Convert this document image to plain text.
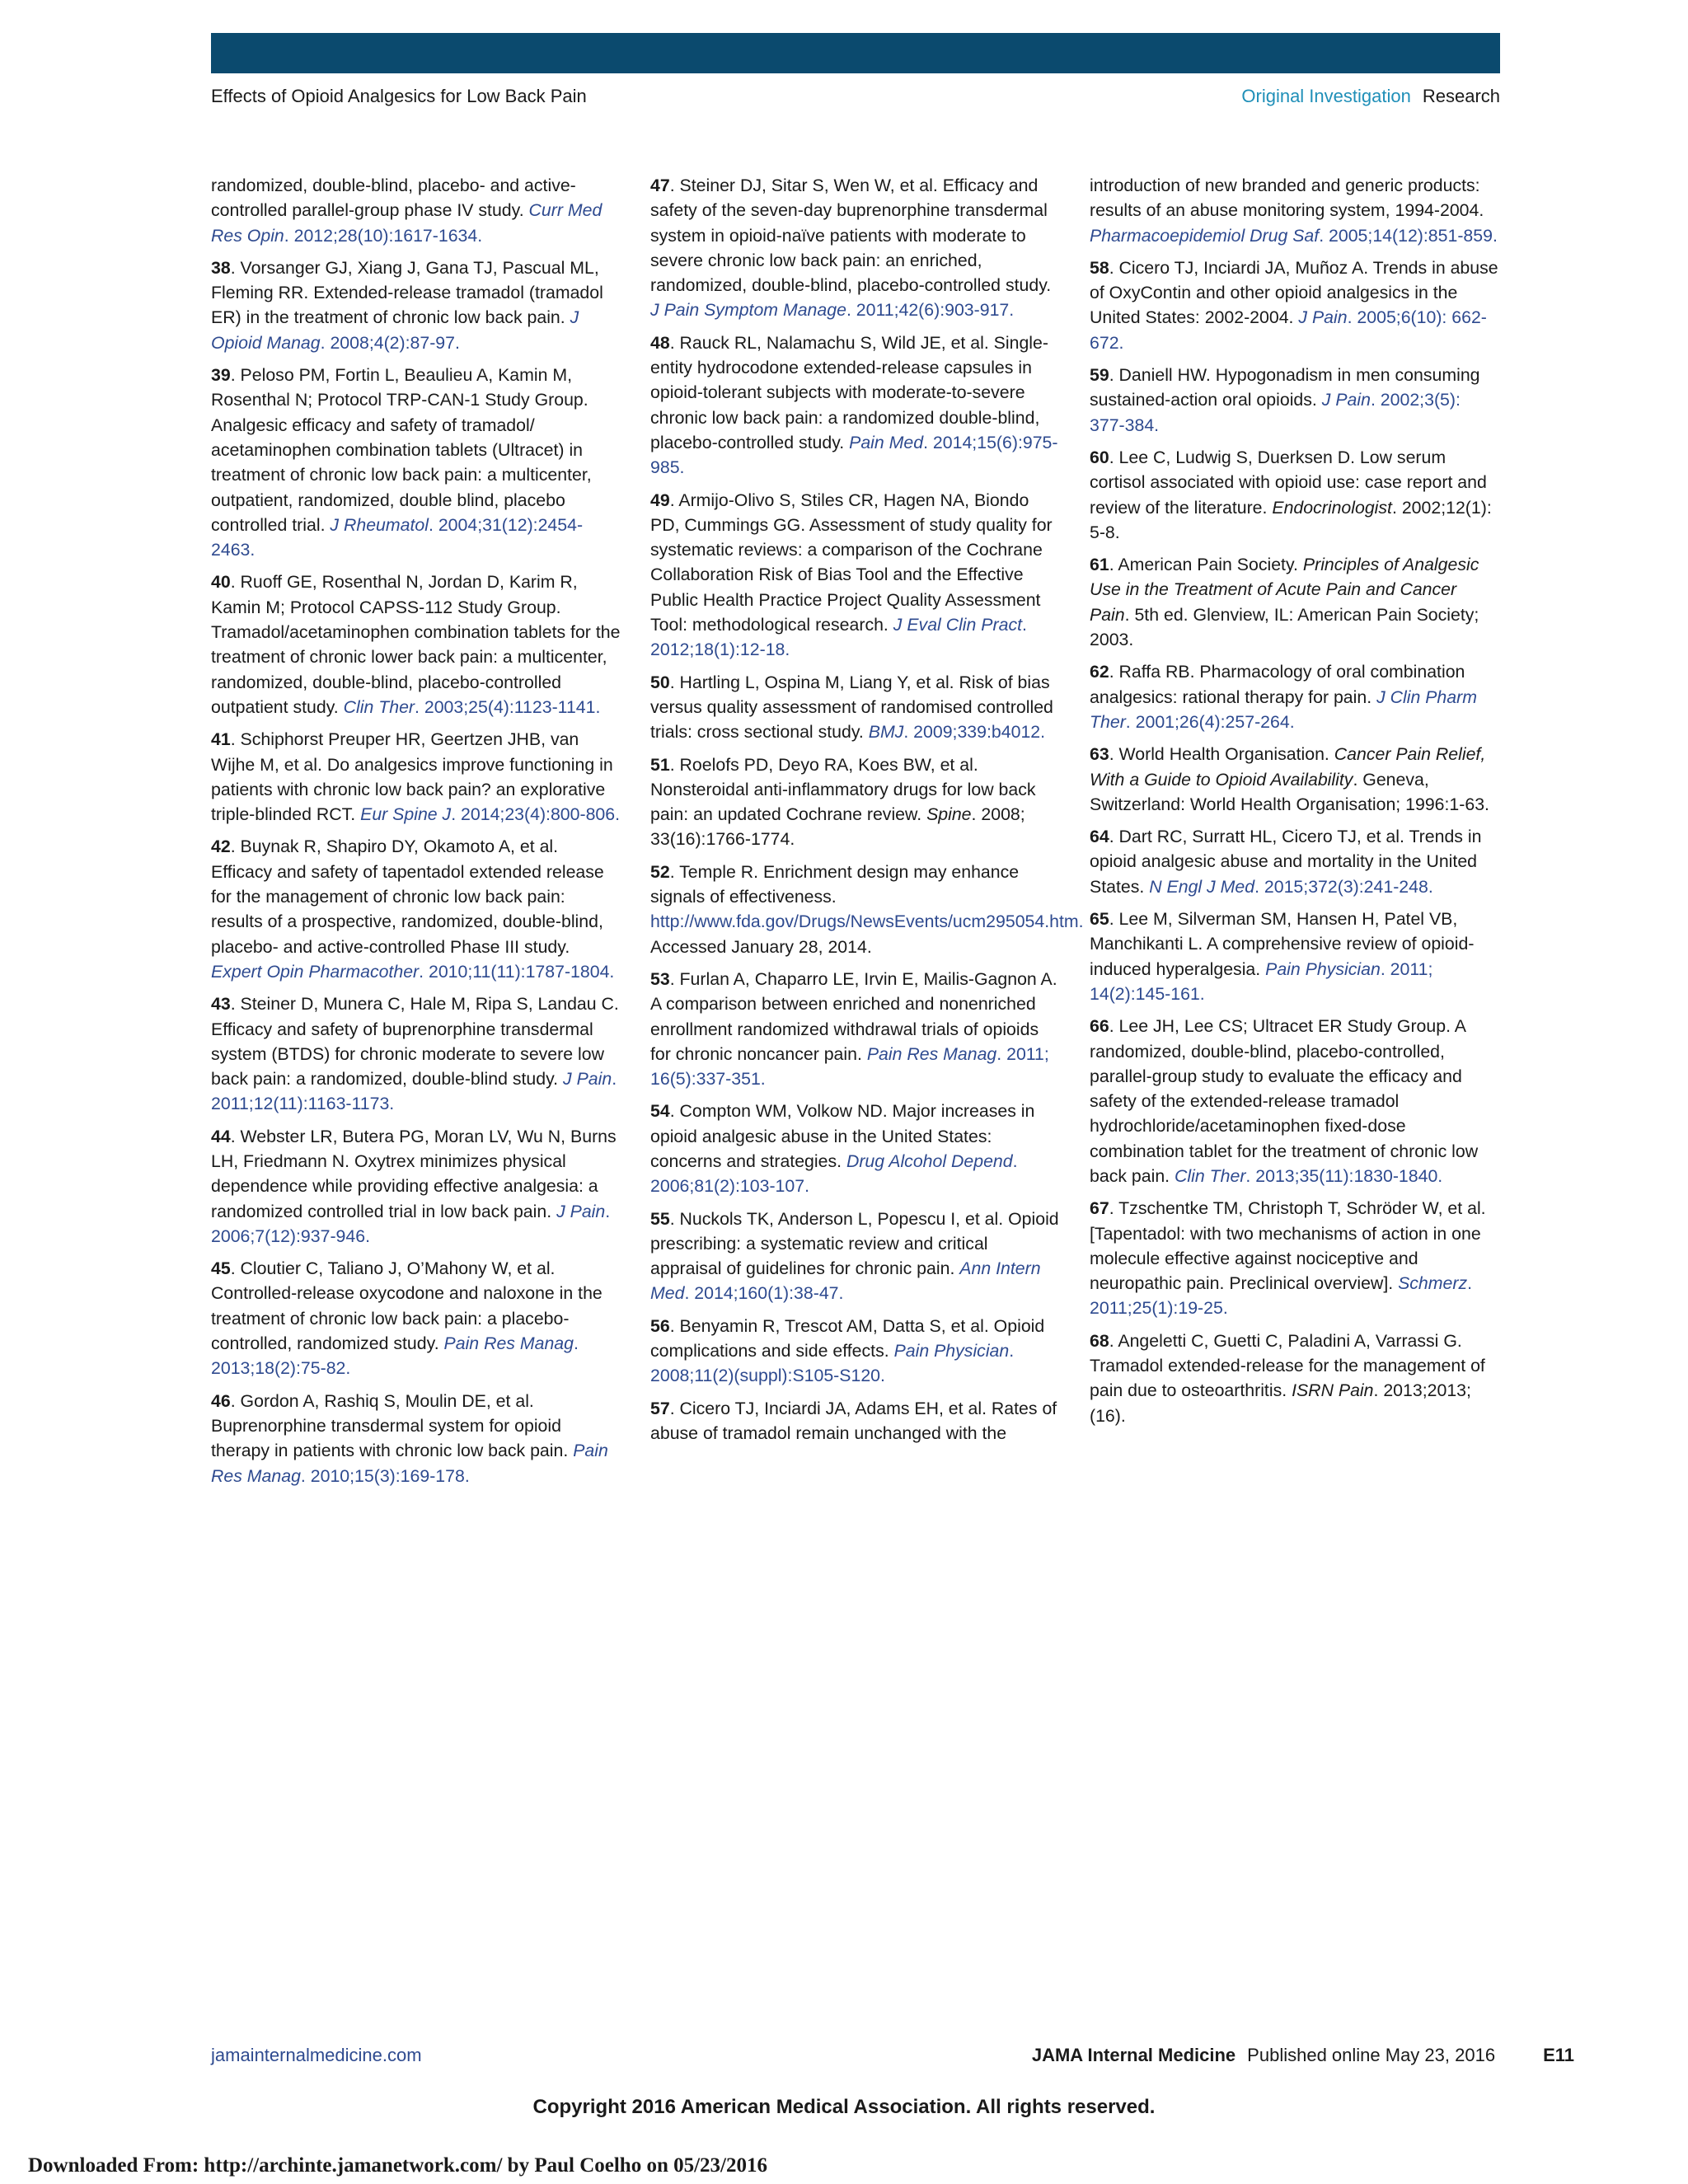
Effects of Opioid Analgesics for Low Back Pain	Original Investigation Research
randomized, double-blind, placebo- and active-controlled parallel-group phase IV study. Curr Med Res Opin. 2012;28(10):1617-1634.
38. Vorsanger GJ, Xiang J, Gana TJ, Pascual ML, Fleming RR. Extended-release tramadol (tramadol ER) in the treatment of chronic low back pain. J Opioid Manag. 2008;4(2):87-97.
39. Peloso PM, Fortin L, Beaulieu A, Kamin M, Rosenthal N; Protocol TRP-CAN-1 Study Group. Analgesic efficacy and safety of tramadol/ acetaminophen combination tablets (Ultracet) in treatment of chronic low back pain: a multicenter, outpatient, randomized, double blind, placebo controlled trial. J Rheumatol. 2004;31(12):2454-2463.
40. Ruoff GE, Rosenthal N, Jordan D, Karim R, Kamin M; Protocol CAPSS-112 Study Group. Tramadol/acetaminophen combination tablets for the treatment of chronic lower back pain: a multicenter, randomized, double-blind, placebo-controlled outpatient study. Clin Ther. 2003;25(4):1123-1141.
41. Schiphorst Preuper HR, Geertzen JHB, van Wijhe M, et al. Do analgesics improve functioning in patients with chronic low back pain? an explorative triple-blinded RCT. Eur Spine J. 2014;23(4):800-806.
42. Buynak R, Shapiro DY, Okamoto A, et al. Efficacy and safety of tapentadol extended release for the management of chronic low back pain: results of a prospective, randomized, double-blind, placebo- and active-controlled Phase III study. Expert Opin Pharmacother. 2010;11(11):1787-1804.
43. Steiner D, Munera C, Hale M, Ripa S, Landau C. Efficacy and safety of buprenorphine transdermal system (BTDS) for chronic moderate to severe low back pain: a randomized, double-blind study. J Pain. 2011;12(11):1163-1173.
44. Webster LR, Butera PG, Moran LV, Wu N, Burns LH, Friedmann N. Oxytrex minimizes physical dependence while providing effective analgesia: a randomized controlled trial in low back pain. J Pain. 2006;7(12):937-946.
45. Cloutier C, Taliano J, O’Mahony W, et al. Controlled-release oxycodone and naloxone in the treatment of chronic low back pain: a placebo-controlled, randomized study. Pain Res Manag. 2013;18(2):75-82.
46. Gordon A, Rashiq S, Moulin DE, et al. Buprenorphine transdermal system for opioid therapy in patients with chronic low back pain. Pain Res Manag. 2010;15(3):169-178.
47. Steiner DJ, Sitar S, Wen W, et al. Efficacy and safety of the seven-day buprenorphine transdermal system in opioid-naïve patients with moderate to severe chronic low back pain: an enriched, randomized, double-blind, placebo-controlled study. J Pain Symptom Manage. 2011;42(6):903-917.
48. Rauck RL, Nalamachu S, Wild JE, et al. Single-entity hydrocodone extended-release capsules in opioid-tolerant subjects with moderate-to-severe chronic low back pain: a randomized double-blind, placebo-controlled study. Pain Med. 2014;15(6):975-985.
49. Armijo-Olivo S, Stiles CR, Hagen NA, Biondo PD, Cummings GG. Assessment of study quality for systematic reviews: a comparison of the Cochrane Collaboration Risk of Bias Tool and the Effective Public Health Practice Project Quality Assessment Tool: methodological research. J Eval Clin Pract. 2012;18(1):12-18.
50. Hartling L, Ospina M, Liang Y, et al. Risk of bias versus quality assessment of randomised controlled trials: cross sectional study. BMJ. 2009;339:b4012.
51. Roelofs PD, Deyo RA, Koes BW, et al. Nonsteroidal anti-inflammatory drugs for low back pain: an updated Cochrane review. Spine. 2008; 33(16):1766-1774.
52. Temple R. Enrichment design may enhance signals of effectiveness. http://www.fda.gov/Drugs/NewsEvents/ucm295054.htm. Accessed January 28, 2014.
53. Furlan A, Chaparro LE, Irvin E, Mailis-Gagnon A. A comparison between enriched and nonenriched enrollment randomized withdrawal trials of opioids for chronic noncancer pain. Pain Res Manag. 2011; 16(5):337-351.
54. Compton WM, Volkow ND. Major increases in opioid analgesic abuse in the United States: concerns and strategies. Drug Alcohol Depend. 2006;81(2):103-107.
55. Nuckols TK, Anderson L, Popescu I, et al. Opioid prescribing: a systematic review and critical appraisal of guidelines for chronic pain. Ann Intern Med. 2014;160(1):38-47.
56. Benyamin R, Trescot AM, Datta S, et al. Opioid complications and side effects. Pain Physician. 2008;11(2)(suppl):S105-S120.
57. Cicero TJ, Inciardi JA, Adams EH, et al. Rates of abuse of tramadol remain unchanged with the
introduction of new branded and generic products: results of an abuse monitoring system, 1994-2004. Pharmacoepidemiol Drug Saf. 2005;14(12):851-859.
58. Cicero TJ, Inciardi JA, Muñoz A. Trends in abuse of OxyContin and other opioid analgesics in the United States: 2002-2004. J Pain. 2005;6(10): 662-672.
59. Daniell HW. Hypogonadism in men consuming sustained-action oral opioids. J Pain. 2002;3(5): 377-384.
60. Lee C, Ludwig S, Duerksen D. Low serum cortisol associated with opioid use: case report and review of the literature. Endocrinologist. 2002;12(1): 5-8.
61. American Pain Society. Principles of Analgesic Use in the Treatment of Acute Pain and Cancer Pain. 5th ed. Glenview, IL: American Pain Society; 2003.
62. Raffa RB. Pharmacology of oral combination analgesics: rational therapy for pain. J Clin Pharm Ther. 2001;26(4):257-264.
63. World Health Organisation. Cancer Pain Relief, With a Guide to Opioid Availability. Geneva, Switzerland: World Health Organisation; 1996:1-63.
64. Dart RC, Surratt HL, Cicero TJ, et al. Trends in opioid analgesic abuse and mortality in the United States. N Engl J Med. 2015;372(3):241-248.
65. Lee M, Silverman SM, Hansen H, Patel VB, Manchikanti L. A comprehensive review of opioid-induced hyperalgesia. Pain Physician. 2011; 14(2):145-161.
66. Lee JH, Lee CS; Ultracet ER Study Group. A randomized, double-blind, placebo-controlled, parallel-group study to evaluate the efficacy and safety of the extended-release tramadol hydrochloride/acetaminophen fixed-dose combination tablet for the treatment of chronic low back pain. Clin Ther. 2013;35(11):1830-1840.
67. Tzschentke TM, Christoph T, Schröder W, et al. [Tapentadol: with two mechanisms of action in one molecule effective against nociceptive and neuropathic pain. Preclinical overview]. Schmerz. 2011;25(1):19-25.
68. Angeletti C, Guetti C, Paladini A, Varrassi G. Tramadol extended-release for the management of pain due to osteoarthritis. ISRN Pain. 2013;2013;(16).
jamainternalmedicine.com	JAMA Internal Medicine Published online May 23, 2016	E11
Copyright 2016 American Medical Association. All rights reserved.
Downloaded From: http://archinte.jamanetwork.com/ by Paul Coelho on 05/23/2016
